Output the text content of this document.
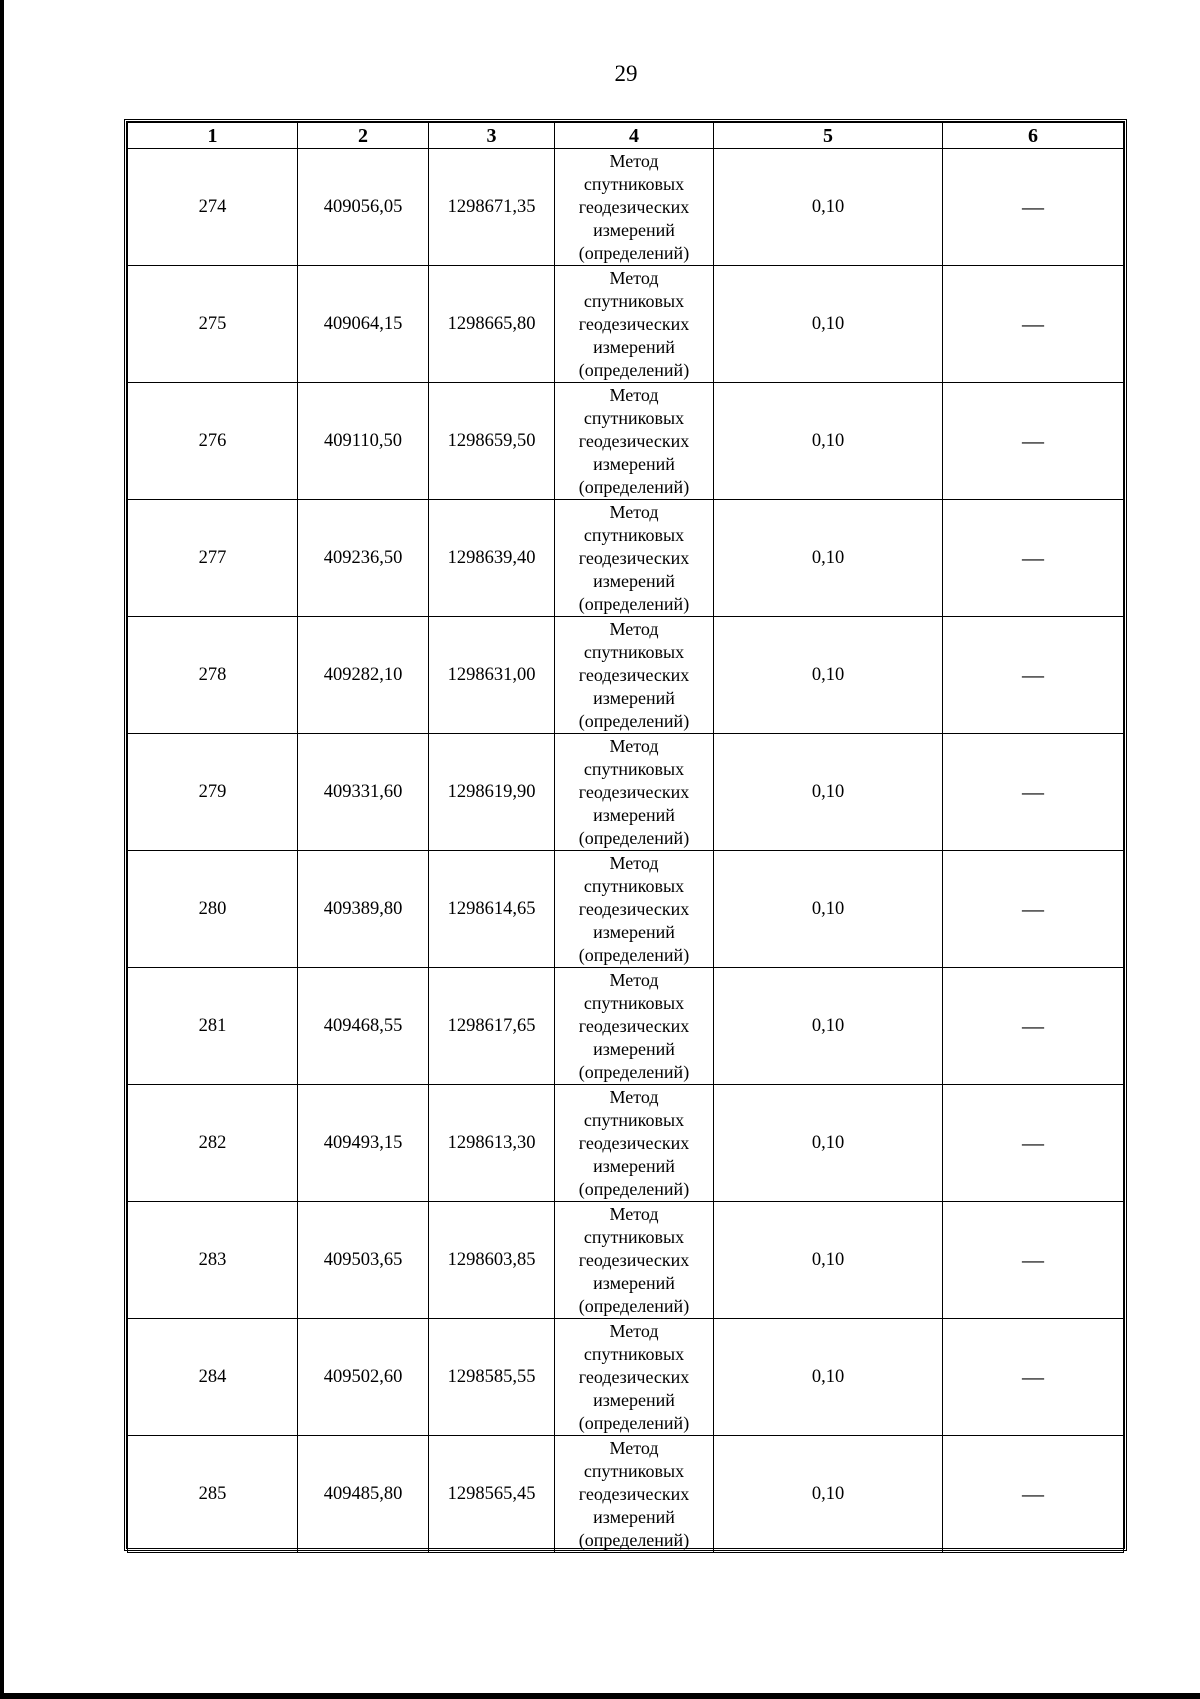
29
1	2	3	4	5	6
274	409056,05	1298671,35	Метод
спутниковых
геодезических
измерений
(определений)	0,10	—
275	409064,15	1298665,80	Метод
спутниковых
геодезических
измерений
(определений)	0,10	—
276	409110,50	1298659,50	Метод
спутниковых
геодезических
измерений
(определений)	0,10	—
277	409236,50	1298639,40	Метод
спутниковых
геодезических
измерений
(определений)	0,10	—
278	409282,10	1298631,00	Метод
спутниковых
геодезических
измерений
(определений)	0,10	—
279	409331,60	1298619,90	Метод
спутниковых
геодезических
измерений
(определений)	0,10	—
280	409389,80	1298614,65	Метод
спутниковых
геодезических
измерений
(определений)	0,10	—
281	409468,55	1298617,65	Метод
спутниковых
геодезических
измерений
(определений)	0,10	—
282	409493,15	1298613,30	Метод
спутниковых
геодезических
измерений
(определений)	0,10	—
283	409503,65	1298603,85	Метод
спутниковых
геодезических
измерений
(определений)	0,10	—
284	409502,60	1298585,55	Метод
спутниковых
геодезических
измерений
(определений)	0,10	—
285	409485,80	1298565,45	Метод
спутниковых
геодезических
измерений
(определений)	0,10	—
